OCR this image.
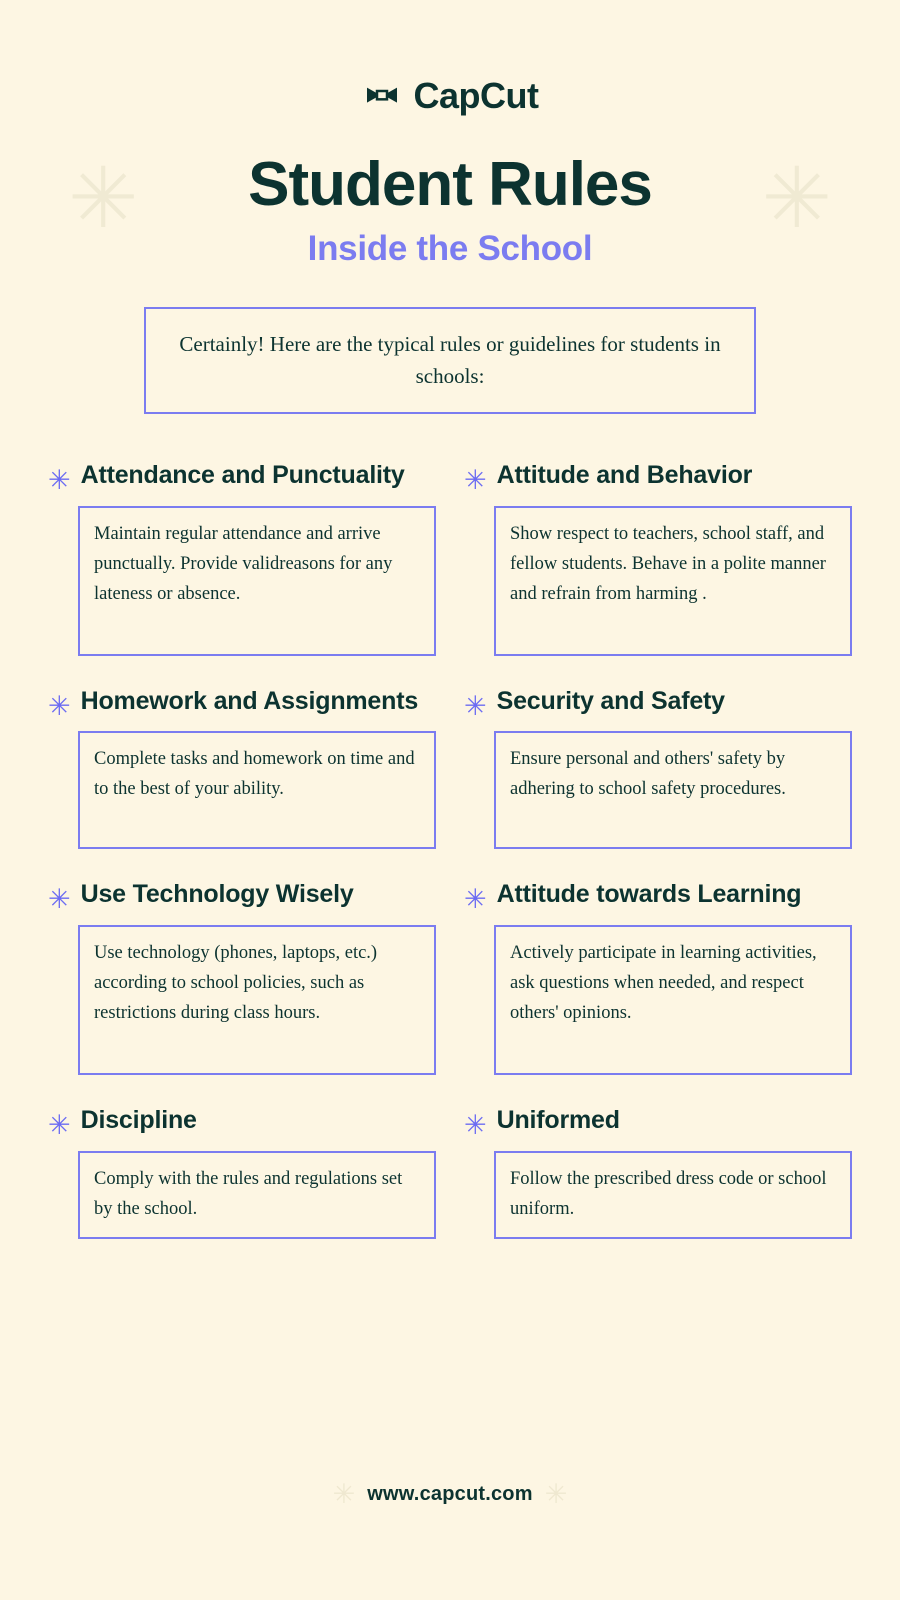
CapCut
✳	✳
Student Rules

Inside the School

Certainly! Here are the typical rules or guidelines for students in schools:
✳ Attendance and Punctuality
Maintain regular attendance and arrive punctually. Provide validreasons for any lateness or absence.
✳ Attitude and Behavior
Show respect to teachers, school staff, and fellow students. Behave in a polite manner and refrain from harming .
✳ Homework and Assignments
Complete tasks and homework on time and to the best of your ability.
✳ Security and Safety
Ensure personal and others' safety by adhering to school safety procedures.
✳ Use Technology Wisely
Use technology (phones, laptops, etc.) according to school policies, such as restrictions during class hours.
✳ Attitude towards Learning
Actively participate in learning activities, ask questions when needed, and respect others' opinions.
✳ Discipline
Comply with the rules and regulations set by the school.
✳ Uniformed
Follow the prescribed dress code or school uniform.
✳ www.capcut.com ✳
